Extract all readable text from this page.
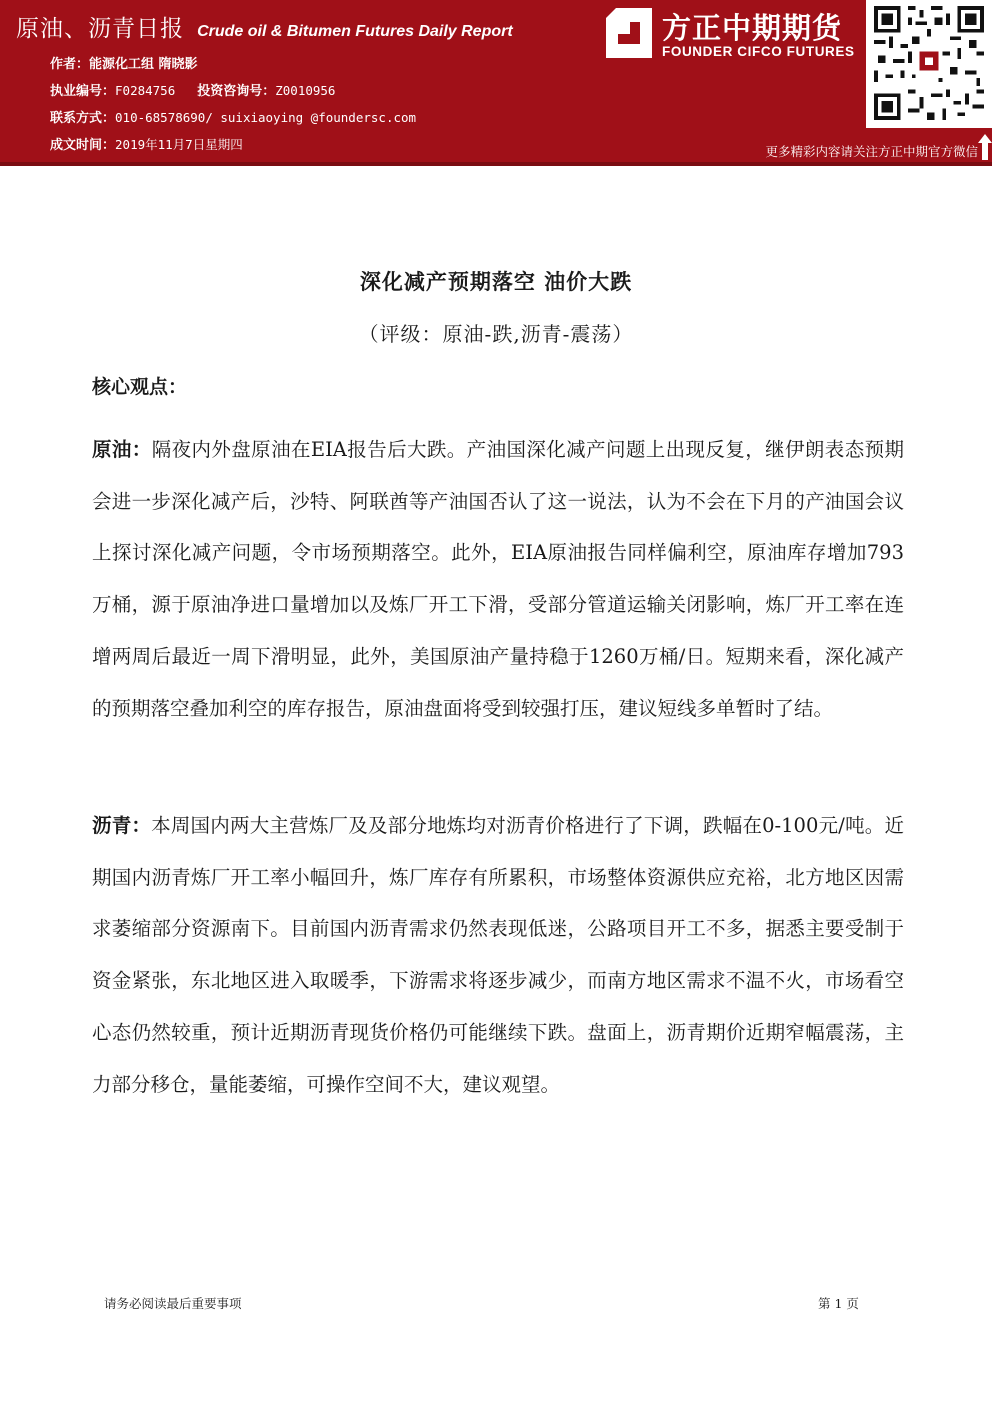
原油、沥青日报 Crude oil & Bitumen Futures Daily Report
作者：能源化工组 隋晓影
执业编号：F0284756 投资咨询号：Z0010956
联系方式：010-68578690/ suixiaoying @foundersc.com
成文时间：2019年11月7日星期四
方正中期期货
FOUNDER CIFCO FUTURES
更多精彩内容请关注方正中期官方微信
深化减产预期落空 油价大跌
（评级：原油-跌,沥青-震荡）
核心观点：

原油：隔夜内外盘原油在EIA报告后大跌。产油国深化减产问题上出现反复，继伊朗表态预期会进一步深化减产后，沙特、阿联酋等产油国否认了这一说法，认为不会在下月的产油国会议上探讨深化减产问题，令市场预期落空。此外，EIA原油报告同样偏利空，原油库存增加793万桶，源于原油净进口量增加以及炼厂开工下滑，受部分管道运输关闭影响，炼厂开工率在连增两周后最近一周下滑明显，此外，美国原油产量持稳于1260万桶/日。短期来看，深化减产的预期落空叠加利空的库存报告，原油盘面将受到较强打压，建议短线多单暂时了结。

沥青：本周国内两大主营炼厂及及部分地炼均对沥青价格进行了下调，跌幅在0-100元/吨。近期国内沥青炼厂开工率小幅回升，炼厂库存有所累积，市场整体资源供应充裕，北方地区因需求萎缩部分资源南下。目前国内沥青需求仍然表现低迷，公路项目开工不多，据悉主要受制于资金紧张，东北地区进入取暖季，下游需求将逐步减少，而南方地区需求不温不火，市场看空心态仍然较重，预计近期沥青现货价格仍可能继续下跌。盘面上，沥青期价近期窄幅震荡，主力部分移仓，量能萎缩，可操作空间不大，建议观望。

请务必阅读最后重要事项	第 1 页
